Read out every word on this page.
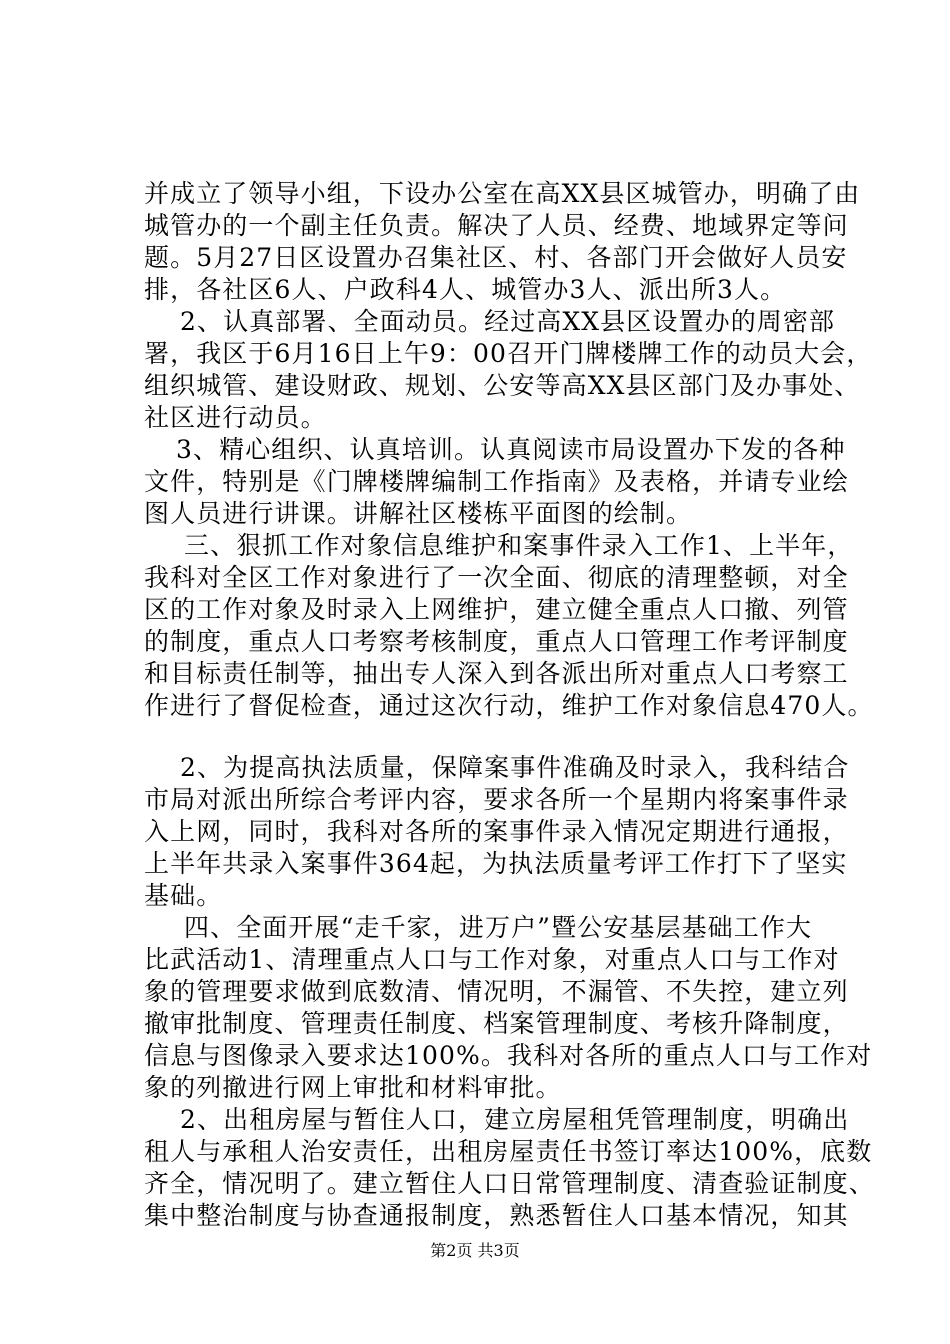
并成立了领导小组，下设办公室在高XX县区城管办，明确了由
城管办的一个副主任负责。解决了人员、经费、地域界定等问
题。5月27日区设置办召集社区、村、各部门开会做好人员安
排，各社区6人、户政科4人、城管办3人、派出所3人。
2、认真部署、全面动员。经过高XX县区设置办的周密部
署，我区于6月16日上午9：00召开门牌楼牌工作的动员大会，
组织城管、建设财政、规划、公安等高XX县区部门及办事处、
社区进行动员。
3、精心组织、认真培训。认真阅读市局设置办下发的各种
文件，特别是《门牌楼牌编制工作指南》及表格，并请专业绘
图人员进行讲课。讲解社区楼栋平面图的绘制。
三、狠抓工作对象信息维护和案事件录入工作1、上半年，
我科对全区工作对象进行了一次全面、彻底的清理整顿，对全
区的工作对象及时录入上网维护，建立健全重点人口撤、列管
的制度，重点人口考察考核制度，重点人口管理工作考评制度
和目标责任制等，抽出专人深入到各派出所对重点人口考察工
作进行了督促检查，通过这次行动，维护工作对象信息470人。
2、为提高执法质量，保障案事件准确及时录入，我科结合
市局对派出所综合考评内容，要求各所一个星期内将案事件录
入上网，同时，我科对各所的案事件录入情况定期进行通报，
上半年共录入案事件364起，为执法质量考评工作打下了坚实
基础。
四、全面开展“走千家，进万户”暨公安基层基础工作大
比武活动1、清理重点人口与工作对象，对重点人口与工作对
象的管理要求做到底数清、情况明，不漏管、不失控，建立列
撤审批制度、管理责任制度、档案管理制度、考核升降制度，
信息与图像录入要求达100%。我科对各所的重点人口与工作对
象的列撤进行网上审批和材料审批。
2、出租房屋与暂住人口，建立房屋租凭管理制度，明确出
租人与承租人治安责任，出租房屋责任书签订率达100%，底数
齐全，情况明了。建立暂住人口日常管理制度、清查验证制度、
集中整治制度与协查通报制度，熟悉暂住人口基本情况，知其
第2页 共3页
